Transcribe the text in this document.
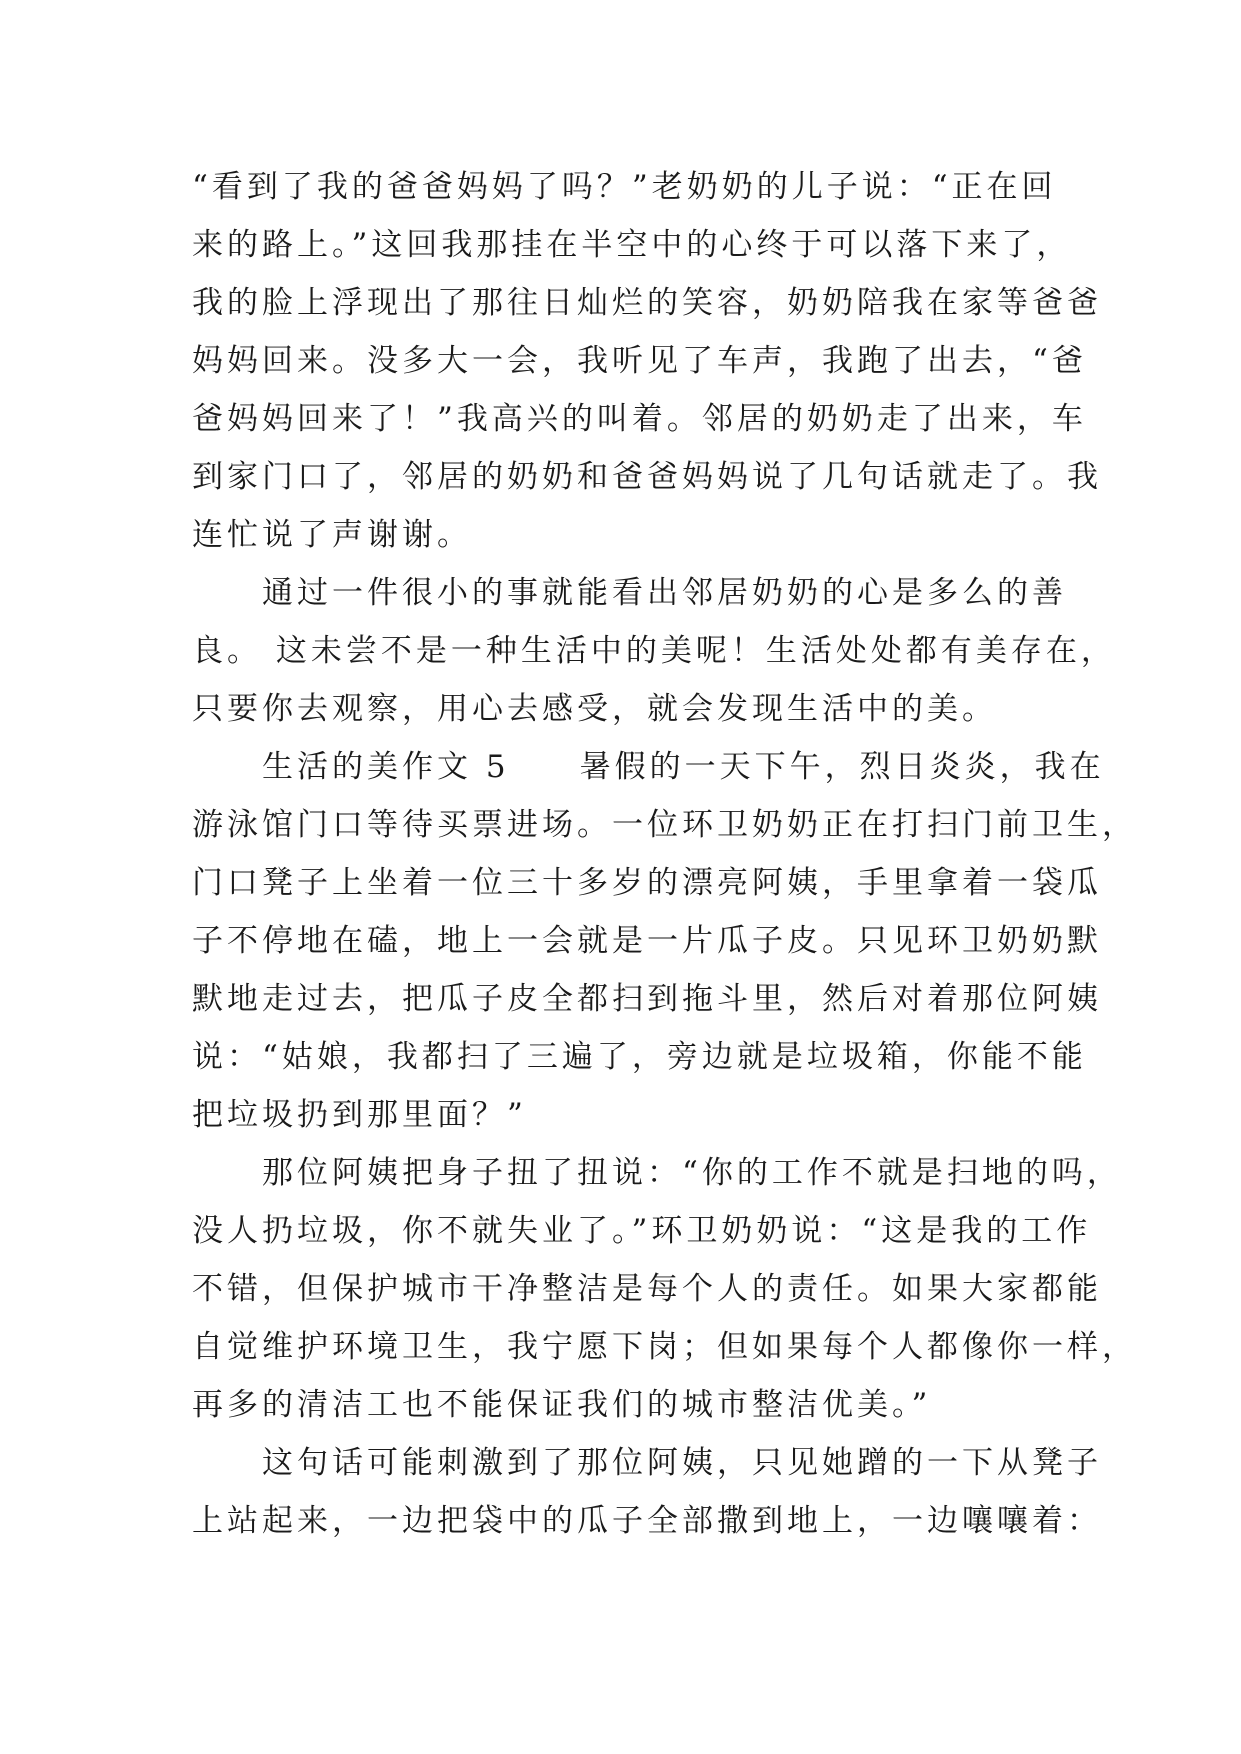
“看到了我的爸爸妈妈了吗？”老奶奶的儿子说：“正在回
来的路上。”这回我那挂在半空中的心终于可以落下来了，
我的脸上浮现出了那往日灿烂的笑容，奶奶陪我在家等爸爸
妈妈回来。没多大一会，我听见了车声，我跑了出去，“爸
爸妈妈回来了！”我高兴的叫着。邻居的奶奶走了出来，车
到家门口了，邻居的奶奶和爸爸妈妈说了几句话就走了。我
连忙说了声谢谢。
　　通过一件很小的事就能看出邻居奶奶的心是多么的善
良。 这未尝不是一种生活中的美呢！生活处处都有美存在，
只要你去观察，用心去感受，就会发现生活中的美。
　　生活的美作文 5　　暑假的一天下午，烈日炎炎，我在
游泳馆门口等待买票进场。一位环卫奶奶正在打扫门前卫生，
门口凳子上坐着一位三十多岁的漂亮阿姨，手里拿着一袋瓜
子不停地在磕，地上一会就是一片瓜子皮。只见环卫奶奶默
默地走过去，把瓜子皮全都扫到拖斗里，然后对着那位阿姨
说：“姑娘，我都扫了三遍了，旁边就是垃圾箱，你能不能
把垃圾扔到那里面？”
　　那位阿姨把身子扭了扭说：“你的工作不就是扫地的吗，
没人扔垃圾，你不就失业了。”环卫奶奶说：“这是我的工作
不错，但保护城市干净整洁是每个人的责任。如果大家都能
自觉维护环境卫生，我宁愿下岗；但如果每个人都像你一样，
再多的清洁工也不能保证我们的城市整洁优美。”
　　这句话可能刺激到了那位阿姨，只见她蹭的一下从凳子
上站起来，一边把袋中的瓜子全部撒到地上，一边嚷嚷着：
